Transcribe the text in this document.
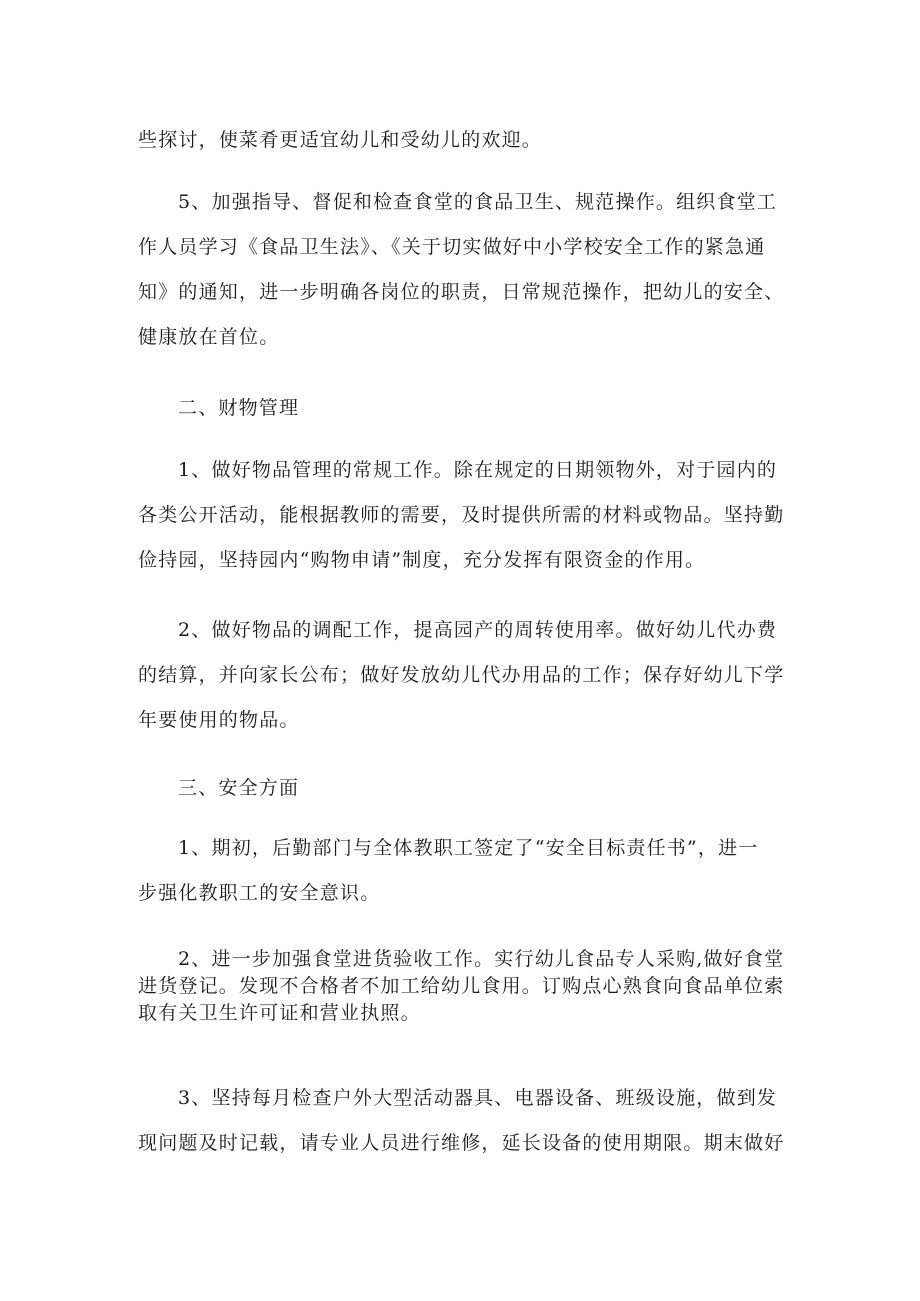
些探讨，使菜肴更适宜幼儿和受幼儿的欢迎。

5、加强指导、督促和检查食堂的食品卫生、规范操作。组织食堂工
作人员学习《食品卫生法》、《关于切实做好中小学校安全工作的紧急通
知》的通知，进一步明确各岗位的职责，日常规范操作，把幼儿的安全、
健康放在首位。

二、财物管理

1、做好物品管理的常规工作。除在规定的日期领物外，对于园内的
各类公开活动，能根据教师的需要，及时提供所需的材料或物品。坚持勤
俭持园，坚持园内“购物申请”制度，充分发挥有限资金的作用。

2、做好物品的调配工作，提高园产的周转使用率。做好幼儿代办费
的结算，并向家长公布；做好发放幼儿代办用品的工作；保存好幼儿下学
年要使用的物品。

三、安全方面

1、期初，后勤部门与全体教职工签定了“安全目标责任书”，进一
步强化教职工的安全意识。

2、进一步加强食堂进货验收工作。实行幼儿食品专人采购,做好食堂
进货登记。发现不合格者不加工给幼儿食用。订购点心熟食向食品单位索
取有关卫生许可证和营业执照。

3、坚持每月检查户外大型活动器具、电器设备、班级设施，做到发
现问题及时记载，请专业人员进行维修，延长设备的使用期限。期末做好
